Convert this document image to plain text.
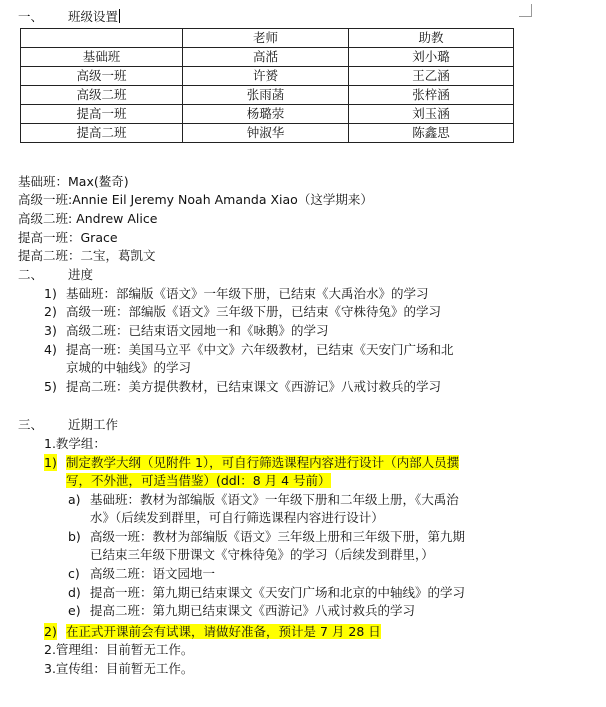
一、 班级设置
	老师	助教
基础班	高湉	刘小璐
高级一班	许赟	王乙涵
高级二班	张雨菡	张梓涵
提高一班	杨璐荥	刘玉涵
提高二班	钟淑华	陈鑫思
基础班：Max(鳌奇)
高级一班:Annie Eil Jeremy Noah Amanda Xiao（这学期来）
高级二班: Andrew Alice
提高一班：Grace
提高二班：二宝，葛凯文
二、 进度
1) 基础班：部编版《语文》一年级下册，已结束《大禹治水》的学习
2) 高级一班：部编版《语文》三年级下册，已结束《守株待兔》的学习
3) 高级二班：已结束语文园地一和《咏鹅》的学习
4) 提高一班：美国马立平《中文》六年级教材，已结束《天安门广场和北
京城的中轴线》的学习
5) 提高二班：美方提供教材，已结束课文《西游记》八戒讨救兵的学习
三、 近期工作
1.教学组：
1) 制定教学大纲（见附件 1），可自行筛选课程内容进行设计（内部人员撰
写，不外泄，可适当借鉴）(ddl：8 月 4 号前）
a) 基础班：教材为部编版《语文》一年级下册和二年级上册，《大禹治
水》（后续发到群里，可自行筛选课程内容进行设计）
b) 高级一班：教材为部编版《语文》三年级上册和三年级下册，第九期
已结束三年级下册课文《守株待兔》的学习（后续发到群里，）
c) 高级二班：语文园地一
d) 提高一班：第九期已结束课文《天安门广场和北京的中轴线》的学习
e) 提高二班：第九期已结束课文《西游记》八戒讨救兵的学习
2) 在正式开课前会有试课，请做好准备，预计是 7 月 28 日
2.管理组：目前暂无工作。
3.宣传组：目前暂无工作。
